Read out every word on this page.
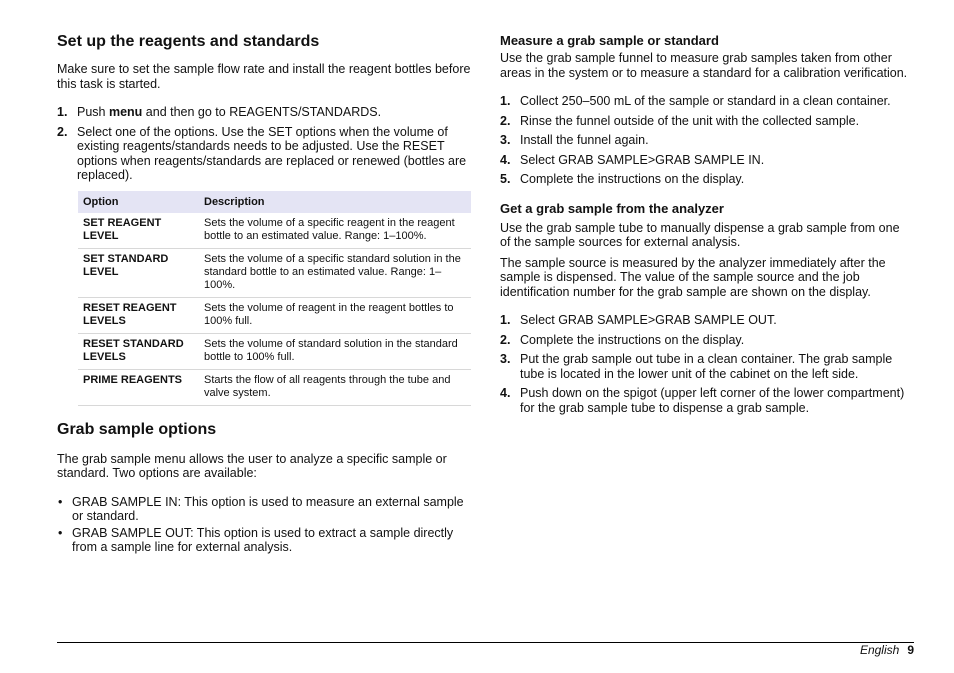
Set up the reagents and standards

Make sure to set the sample flow rate and install the reagent bottles before this task is started.

1. Push menu and then go to REAGENTS/STANDARDS.
2. Select one of the options. Use the SET options when the volume of existing reagents/standards needs to be adjusted. Use the RESET options when reagents/standards are replaced or renewed (bottles are replaced).
Option	Description
SET REAGENT LEVEL	Sets the volume of a specific reagent in the reagent bottle to an estimated value. Range: 1–100%.
SET STANDARD LEVEL	Sets the volume of a specific standard solution in the standard bottle to an estimated value. Range: 1–100%.
RESET REAGENT LEVELS	Sets the volume of reagent in the reagent bottles to 100% full.
RESET STANDARD LEVELS	Sets the volume of standard solution in the standard bottle to 100% full.
PRIME REAGENTS	Starts the flow of all reagents through the tube and valve system.
Grab sample options

The grab sample menu allows the user to analyze a specific sample or standard. Two options are available:

• GRAB SAMPLE IN: This option is used to measure an external sample or standard.
• GRAB SAMPLE OUT: This option is used to extract a sample directly from a sample line for external analysis.
Measure a grab sample or standard

Use the grab sample funnel to measure grab samples taken from other areas in the system or to measure a standard for a calibration verification.

1. Collect 250–500 mL of the sample or standard in a clean container.
2. Rinse the funnel outside of the unit with the collected sample.
3. Install the funnel again.
4. Select GRAB SAMPLE>GRAB SAMPLE IN.
5. Complete the instructions on the display.
Get a grab sample from the analyzer

Use the grab sample tube to manually dispense a grab sample from one of the sample sources for external analysis.

The sample source is measured by the analyzer immediately after the sample is dispensed. The value of the sample source and the job identification number for the grab sample are shown on the display.

1. Select GRAB SAMPLE>GRAB SAMPLE OUT.
2. Complete the instructions on the display.
3. Put the grab sample out tube in a clean container. The grab sample tube is located in the lower unit of the cabinet on the left side.
4. Push down on the spigot (upper left corner of the lower compartment) for the grab sample tube to dispense a grab sample.
English 9
